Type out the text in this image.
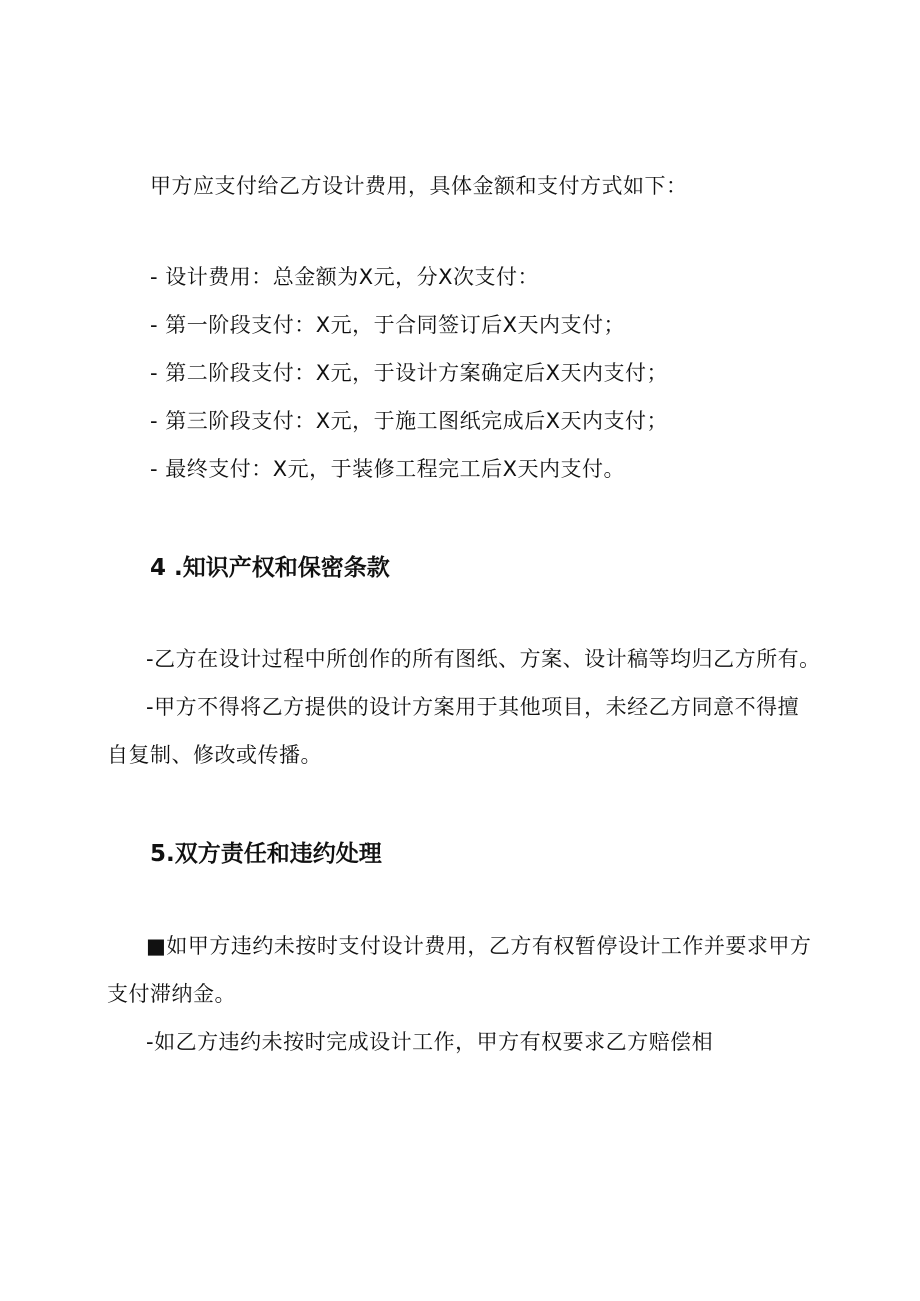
甲方应支付给乙方设计费用，具体金额和支付方式如下：
- 设计费用：总金额为X元，分X次支付：
- 第一阶段支付：X元，于合同签订后X天内支付；
- 第二阶段支付：X元，于设计方案确定后X天内支付；
- 第三阶段支付：X元，于施工图纸完成后X天内支付；
- 最终支付：X元，于装修工程完工后X天内支付。
4 .知识产权和保密条款
-乙方在设计过程中所创作的所有图纸、方案、设计稿等均归乙方所有。
-甲方不得将乙方提供的设计方案用于其他项目，未经乙方同意不得擅
自复制、修改或传播。
5.双方责任和违约处理
■如甲方违约未按时支付设计费用，乙方有权暂停设计工作并要求甲方
支付滞纳金。
-如乙方违约未按时完成设计工作，甲方有权要求乙方赔偿相
